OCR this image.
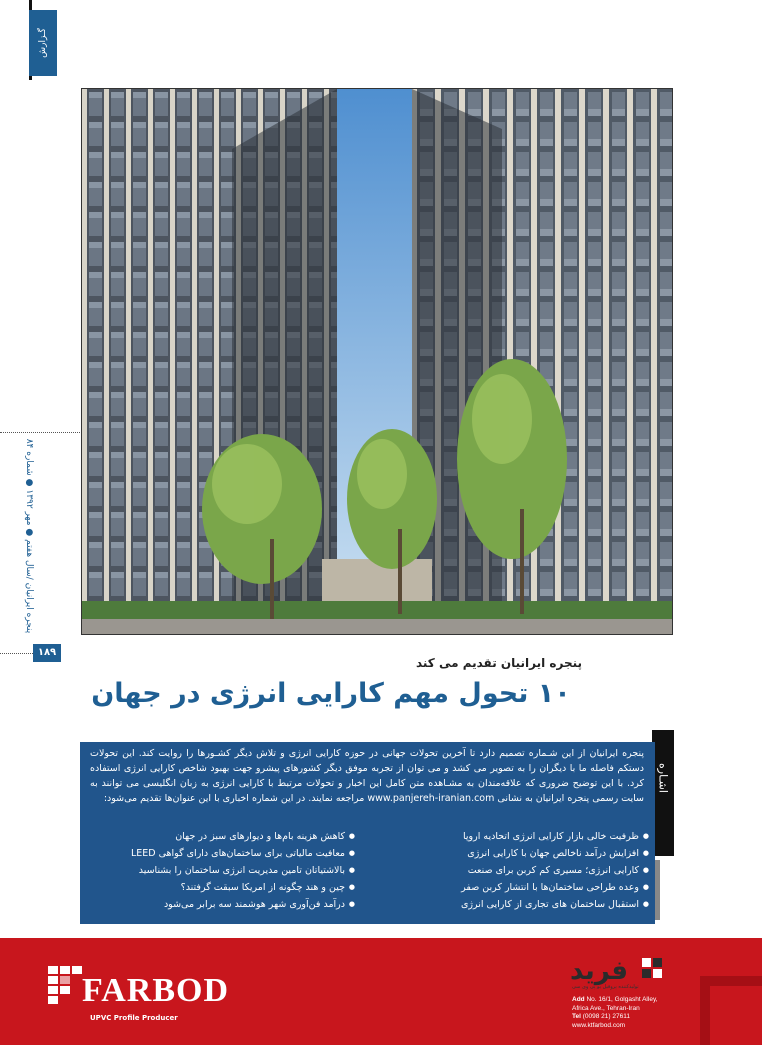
گـزارش
پنجره ایرانیان /سال هفتم ● مهر ۱۳۹۲ ● شماره ۸۴
۱۸۹
پنجره ایرانیان تقدیم می کند
۱۰ تحول مهم کارایی انرژی در جهان
اشـاره
پنجره ایرانیان از این شـماره تصمیم دارد تا آخرین تحولات جهانی در حوزه کارایی انرژی و تلاش دیگر کشـورها را روایت کند. این تحولات دستکم فاصله ما با دیگران را به تصویر می کشد و می توان از تجربه موفق دیگر کشورهای پیشرو جهت بهبود شاخص کارایی انرژی استفاده کرد. با این توضیح ضروری که علاقه‌مندان به مشـاهده متن کامل این اخبار و تحولات مرتبط با کارایی انرژی به زبان انگلیسی می توانند به سایت رسمی پنجره ایرانیان به نشانی www.panjereh-iranian.com مراجعه نمایند. در این شماره اخباری با این عنوان‌ها تقدیم می‌شود:
● ظرفیت خالی بازار کارایی انرژی اتحادیه اروپا
● افزایش درآمد ناخالص جهان با کارایی انرژی
● کارایی انرژی؛ مسیری کم کربن برای صنعت
● وعده طراحی ساختمان‌ها با انتشار کربن صفر
● استقبال ساختمان های تجاری از کارایی انرژی
● کاهش هزینه بام‌ها و دیوارهای سبز در جهان
● معافیت مالیاتی برای ساختمان‌های دارای گواهی LEED
● بالاشتیاتان تامین مدیریت انرژی ساختمان را بشناسید
● چین و هند چگونه از امریکا سبقت گرفتند؟
● درآمد فن‌آوری شهر هوشمند سه برابر می‌شود
FARBOD
UPVC Profile Producer
فرید
تولیدکننده پروفیل یو پی وی سی
Add No. 16/1, Golgasht Alley,
Africa Ave., Tehran-Iran
Tel (0098 21) 27611
www.ktfarbod.com
